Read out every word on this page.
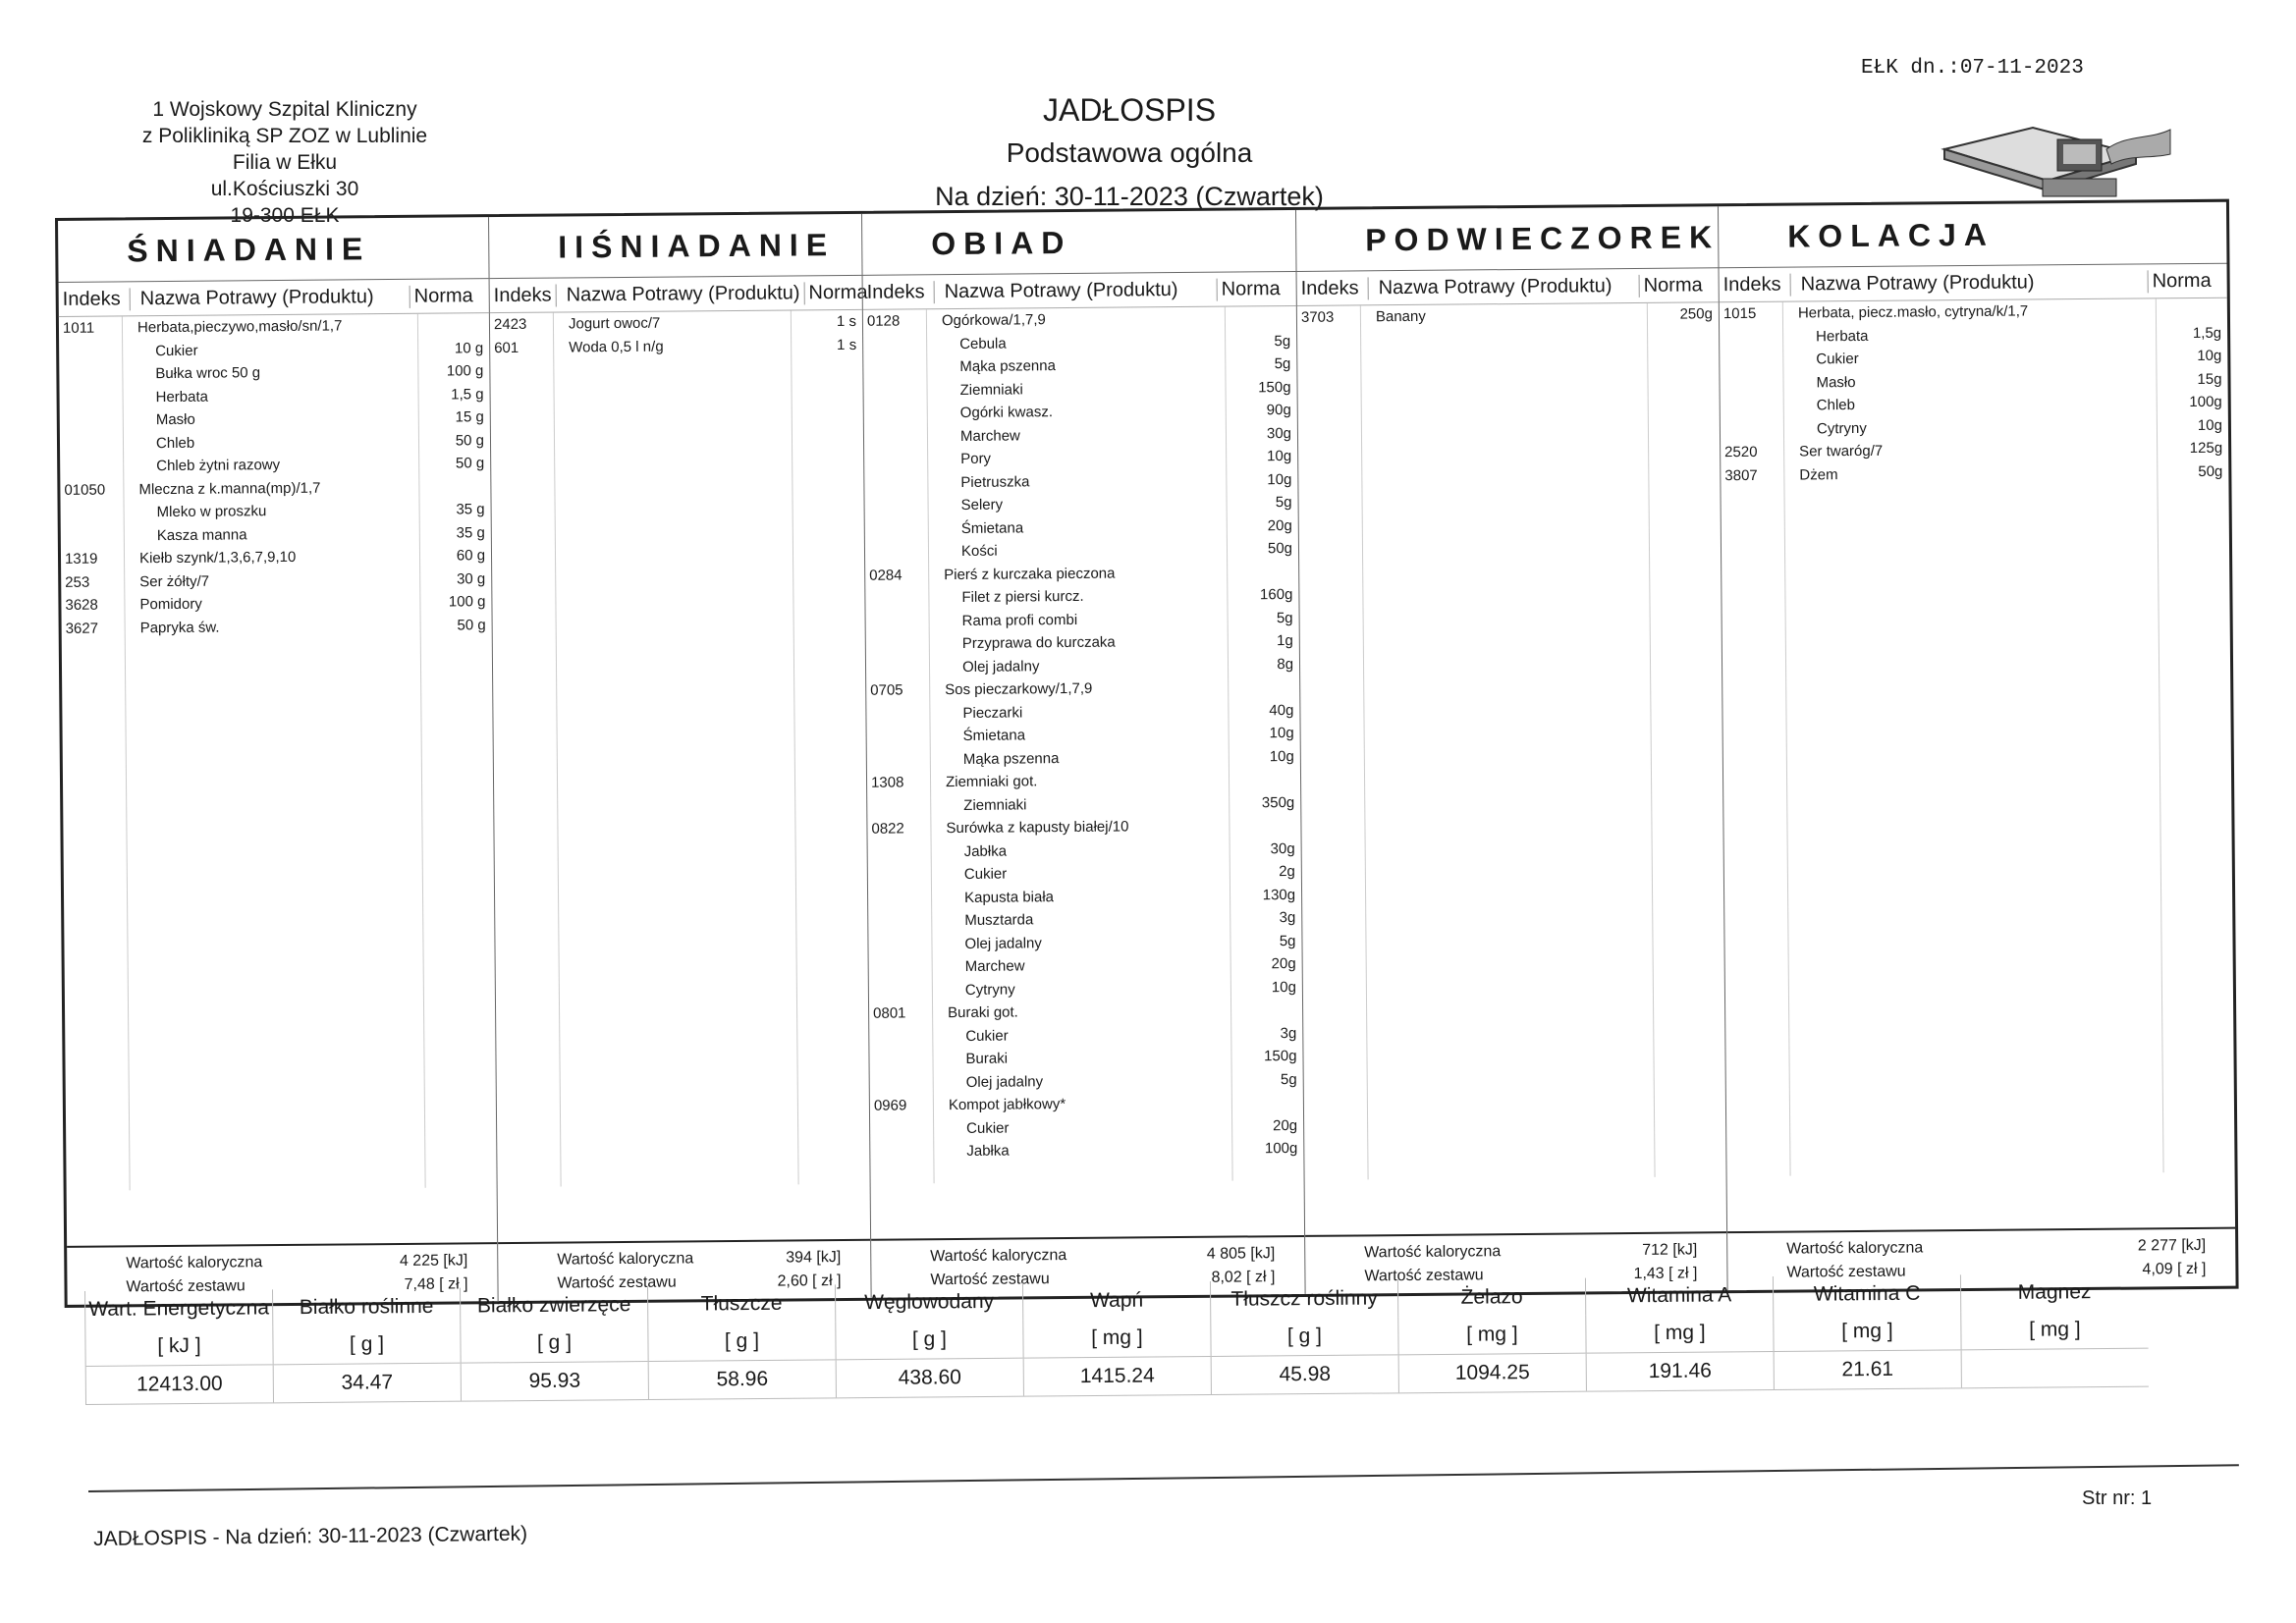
1 Wojskowy Szpital Kliniczny
z Polikliniką SP ZOZ w Lublinie
Filia w Ełku
ul.Kościuszki 30
19-300 EŁK
JADŁOSPIS
Podstawowa ogólna
Na dzień: 30-11-2023 (Czwartek)
EŁK dn.:07-11-2023
ŚNIADANIE
Indeks Nazwa Potrawy (Produktu)	Norma
1011	Herbata,pieczywo,masło/sn/1,7
Cukier	10 g
Bułka wroc 50 g	100 g
Herbata	1,5 g
Masło	15 g
Chleb	50 g
Chleb żytni razowy	50 g
01050	Mleczna z k.manna(mp)/1,7
Mleko w proszku	35 g
Kasza manna	35 g
1319	Kiełb szynk/1,3,6,7,9,10	60 g
253	Ser żółty/7	30 g
3628	Pomidory	100 g
3627	Papryka św.	50 g
Wartość kaloryczna	4 225 [kJ]
Wartość zestawu	7,48 [ zł ]
IIŚNIADANIE
Indeks Nazwa Potrawy (Produktu) Norma
2423	Jogurt owoc/7	1 s
601	Woda 0,5 l n/g	1 s
Wartość kaloryczna	394 [kJ]
Wartość zestawu	2,60 [ zł ]
OBIAD
Indeks Nazwa Potrawy (Produktu)	Norma
0128	Ogórkowa/1,7,9
Cebula	5g
Mąka pszenna	5g
Ziemniaki	150g
Ogórki kwasz.	90g
Marchew	30g
Pory	10g
Pietruszka	10g
Selery	5g
Śmietana	20g
Kości	50g
0284	Pierś z kurczaka pieczona
Filet z piersi kurcz.	160g
Rama profi combi	5g
Przyprawa do kurczaka	1g
Olej jadalny	8g
0705	Sos pieczarkowy/1,7,9
Pieczarki	40g
Śmietana	10g
Mąka pszenna	10g
1308	Ziemniaki got.
Ziemniaki	350g
0822	Surówka z kapusty białej/10
Jabłka	30g
Cukier	2g
Kapusta biała	130g
Musztarda	3g
Olej jadalny	5g
Marchew	20g
Cytryny	10g
0801	Buraki got.
Cukier	3g
Buraki	150g
Olej jadalny	5g
0969	Kompot jabłkowy*
Cukier	20g
Jabłka	100g
Wartość kaloryczna	4 805 [kJ]
Wartość zestawu	8,02 [ zł ]
PODWIECZOREK
Indeks Nazwa Potrawy (Produktu)	Norma
3703	Banany	250g
Wartość kaloryczna	712 [kJ]
Wartość zestawu	1,43 [ zł ]
KOLACJA
Indeks Nazwa Potrawy (Produktu)	Norma
1015	Herbata, piecz.masło, cytryna/k/1,7
Herbata	1,5g
Cukier	10g
Masło	15g
Chleb	100g
Cytryny	10g
2520	Ser twaróg/7	125g
3807	Dżem	50g
Wartość kaloryczna	2 277 [kJ]
Wartość zestawu	4,09 [ zł ]
Wart. Energetyczna	Białko roślinne	Białko zwierzęce	Tłuszcze	Węglowodany	Wapń	Tłuszcz roślinny	Żelazo	Witamina A	Witamina C	Magnez
[ kJ ]	[ g ]	[ g ]	[ g ]	[ g ]	[ mg ]	[ g ]	[ mg ]	[ mg ]	[ mg ]	[ mg ]
12413.00	34.47	95.93	58.96	438.60	1415.24	45.98	1094.25	191.46	21.61	
JADŁOSPIS - Na dzień: 30-11-2023 (Czwartek)
Str nr: 1
